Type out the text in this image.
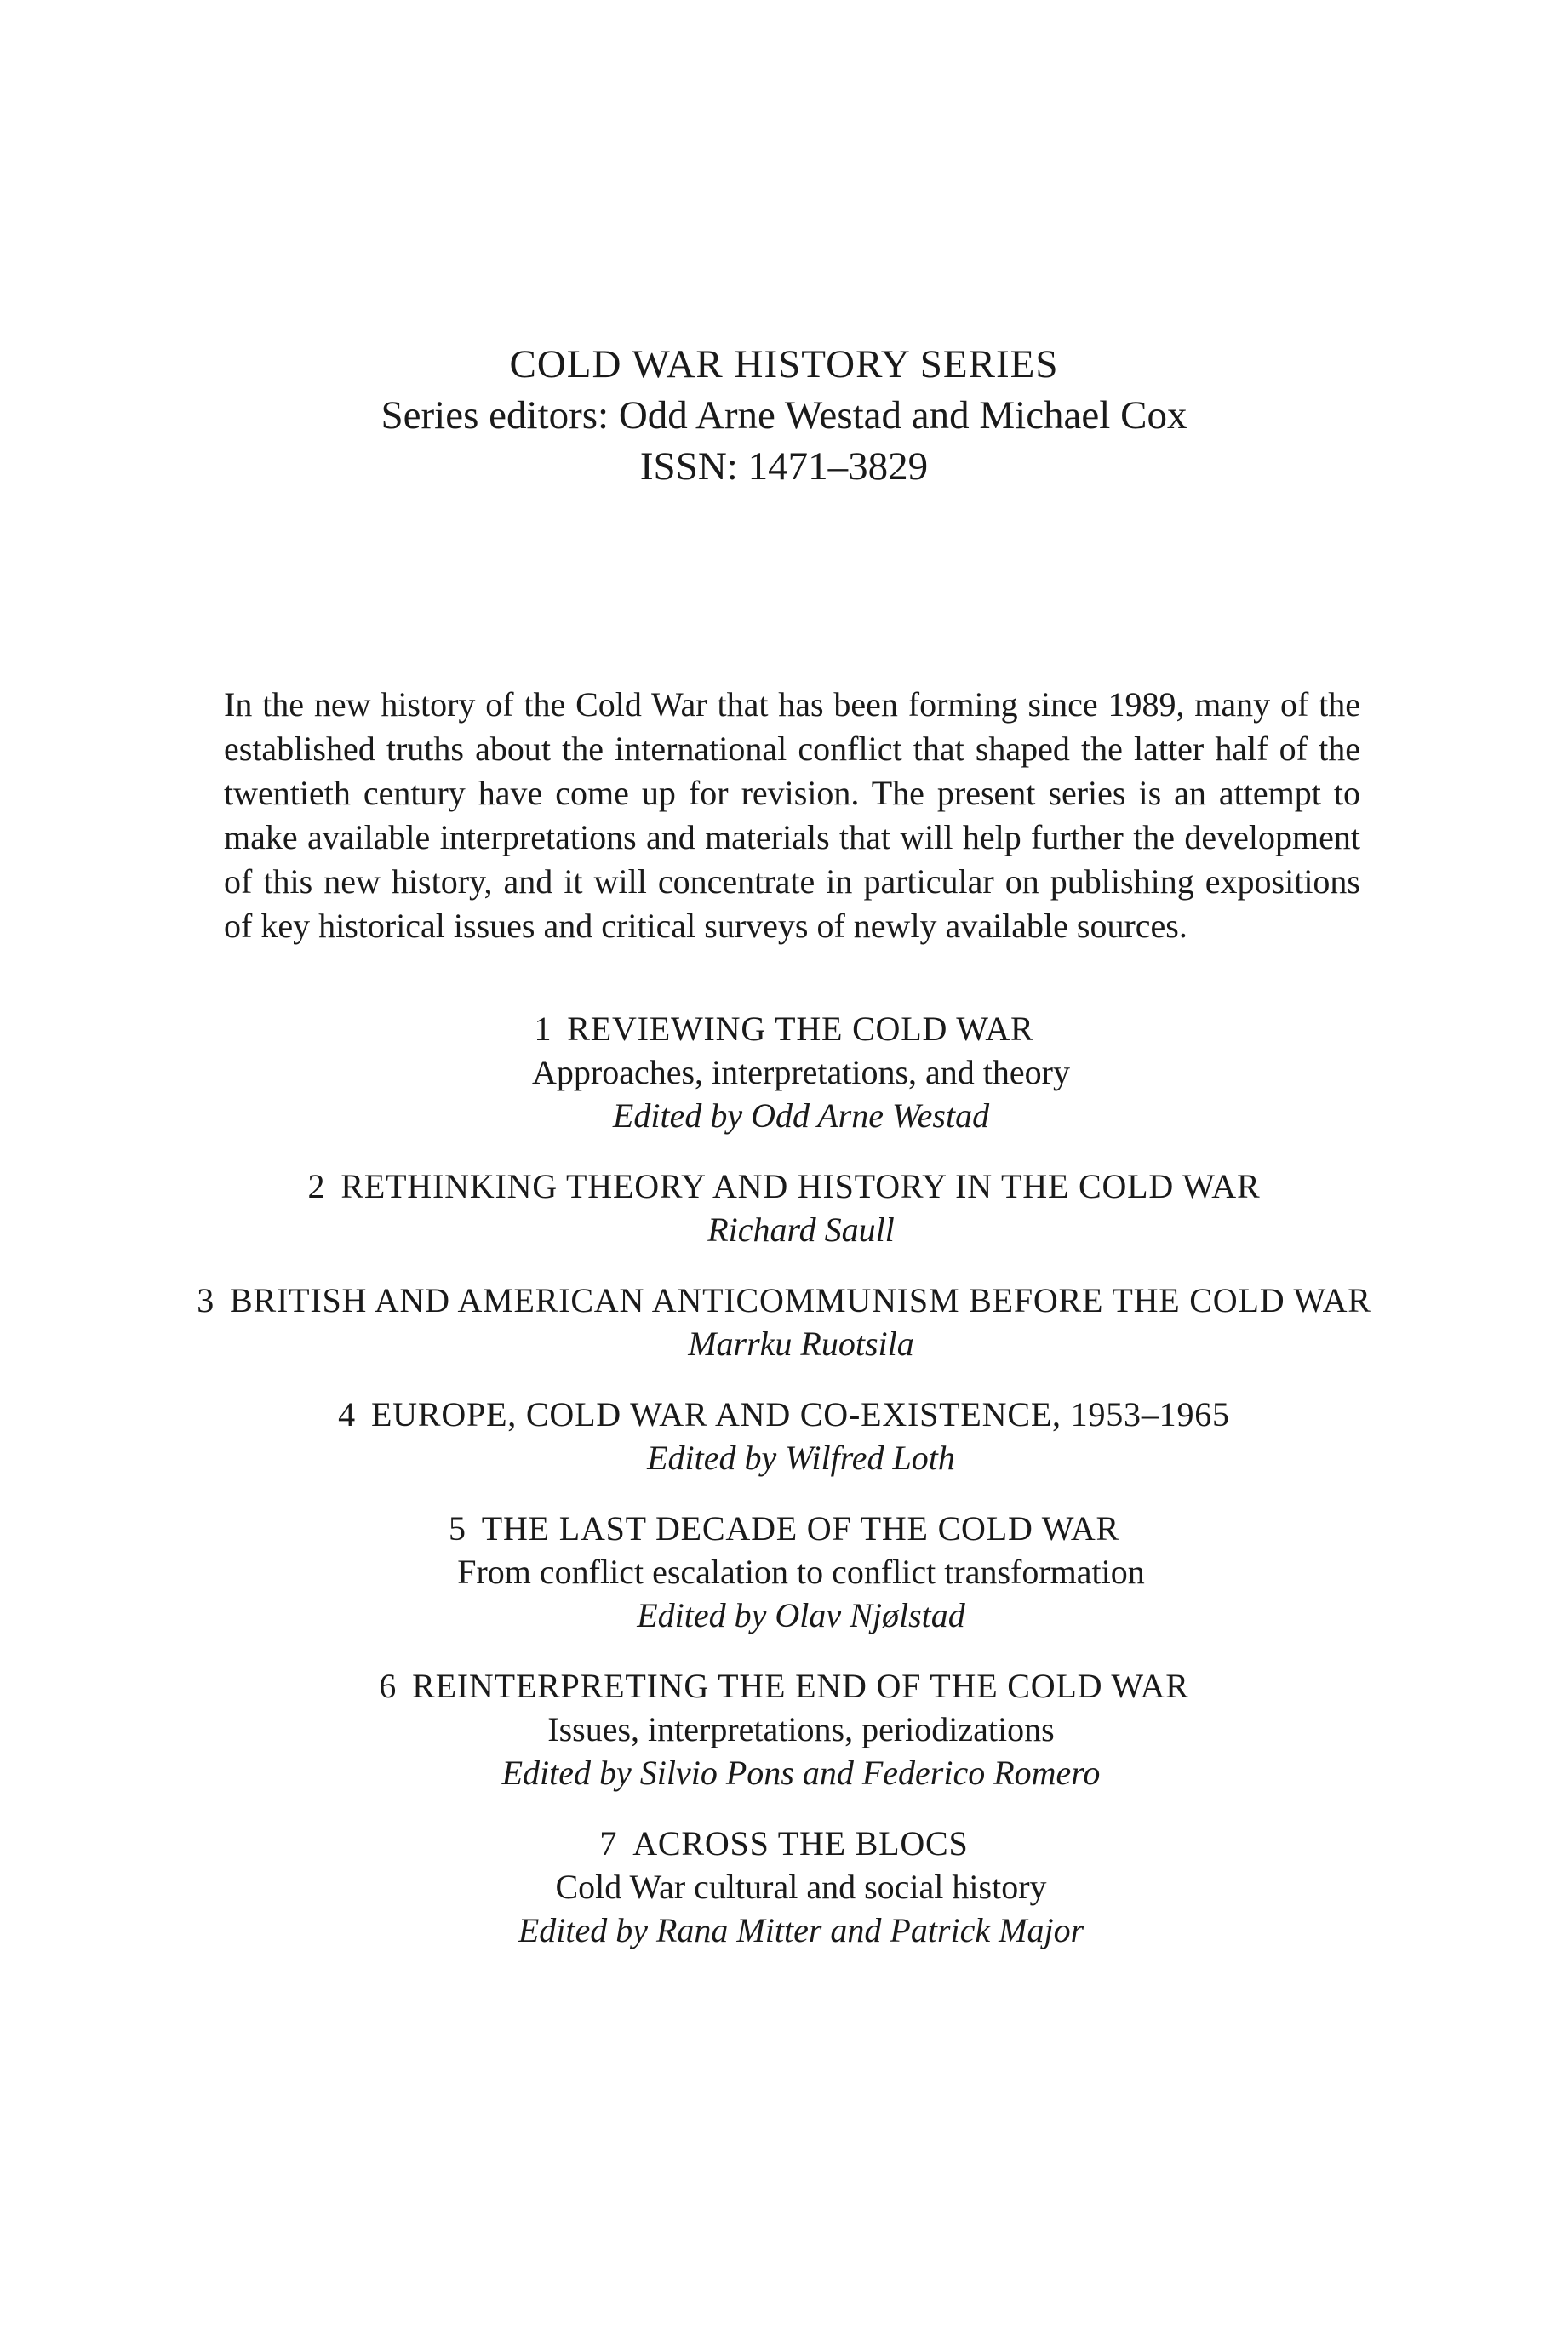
COLD WAR HISTORY SERIES
Series editors: Odd Arne Westad and Michael Cox
ISSN: 1471–3829

In the new history of the Cold War that has been forming since 1989, many of the established truths about the international conflict that shaped the latter half of the twentieth century have come up for revision. The present series is an attempt to make available interpretations and materials that will help further the development of this new history, and it will concentrate in particular on publishing expositions of key historical issues and critical surveys of newly available sources.

1 REVIEWING THE COLD WAR
Approaches, interpretations, and theory
Edited by Odd Arne Westad
2 RETHINKING THEORY AND HISTORY IN THE COLD WAR
Richard Saull
3 BRITISH AND AMERICAN ANTICOMMUNISM BEFORE THE COLD WAR
Marrku Ruotsila
4 EUROPE, COLD WAR AND CO-EXISTENCE, 1953–1965
Edited by Wilfred Loth
5 THE LAST DECADE OF THE COLD WAR
From conflict escalation to conflict transformation
Edited by Olav Njølstad
6 REINTERPRETING THE END OF THE COLD WAR
Issues, interpretations, periodizations
Edited by Silvio Pons and Federico Romero
7 ACROSS THE BLOCS
Cold War cultural and social history
Edited by Rana Mitter and Patrick Major
